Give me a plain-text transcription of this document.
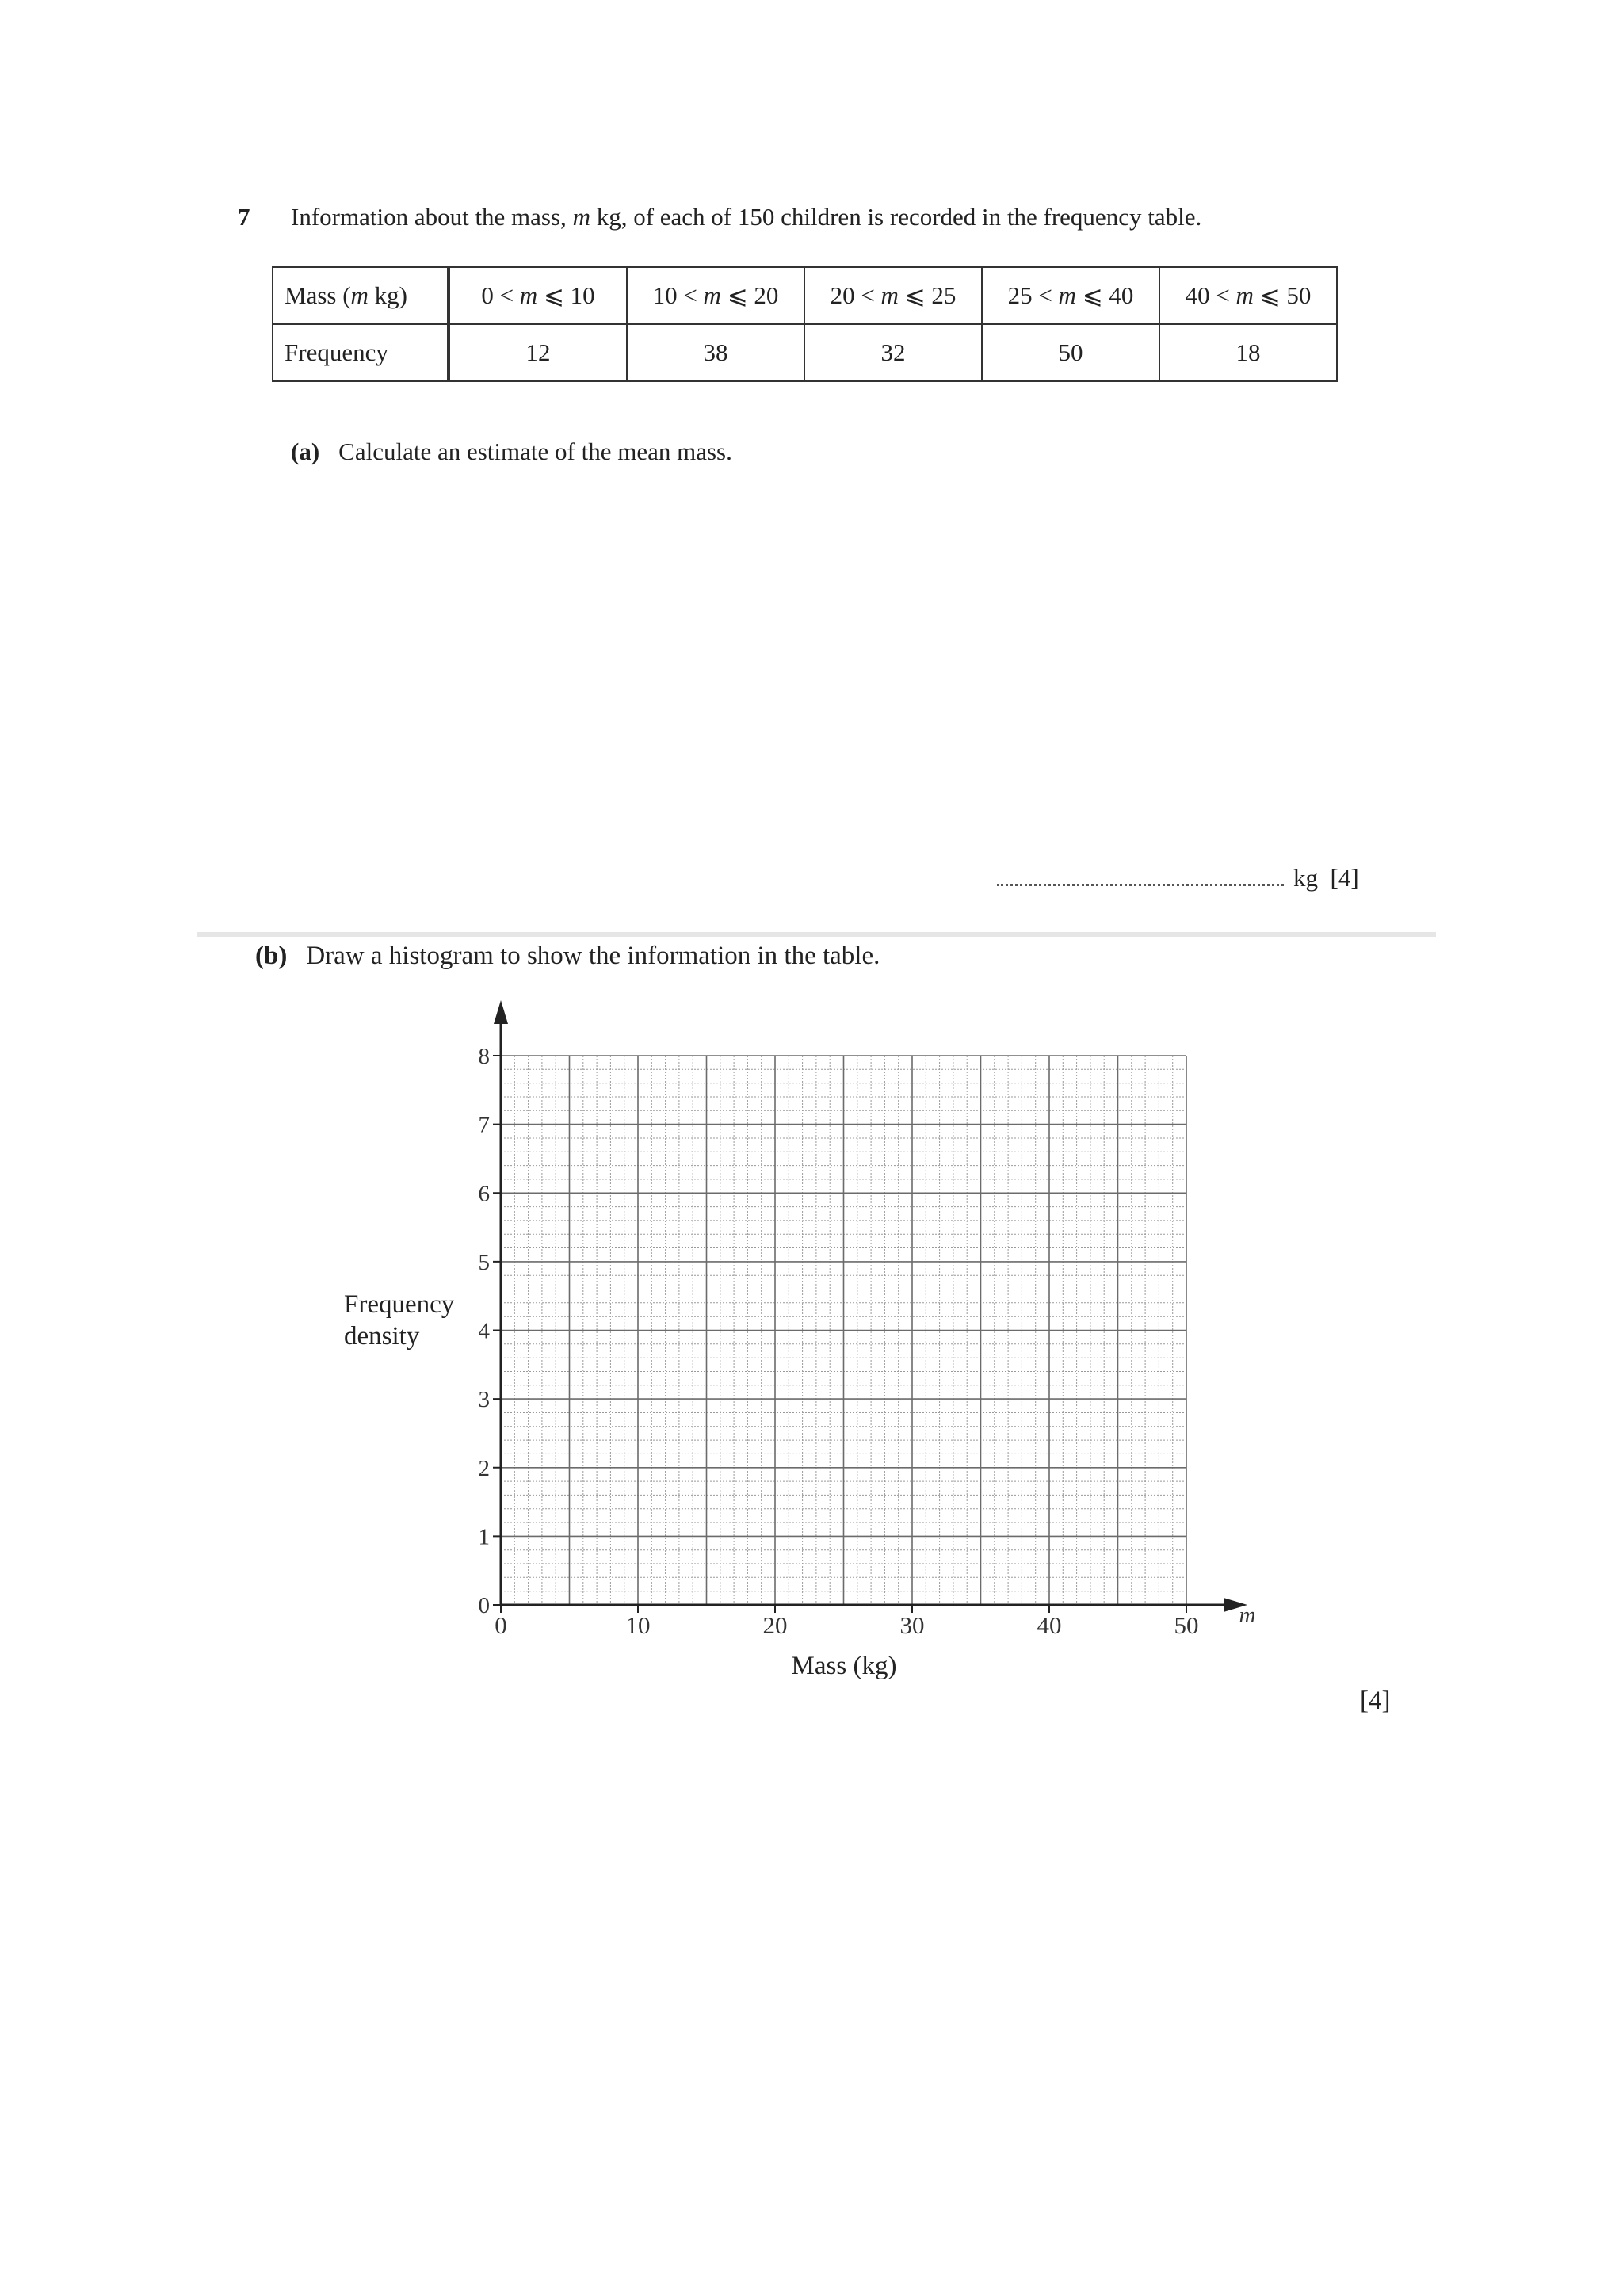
7 Information about the mass, m kg, of each of 150 children is recorded in the frequency table.
Mass (m kg)	0 < m ⩽ 10	10 < m ⩽ 20	20 < m ⩽ 25	25 < m ⩽ 40	40 < m ⩽ 50
Frequency	12	38	32	50	18
(a) Calculate an estimate of the mean mass.
kg [4]
(b) Draw a histogram to show the information in the table.
0
1
2
3
4
5
6
7
8
0	10	20	30	40	50 m
Mass (kg)
Frequency
density
[4]
